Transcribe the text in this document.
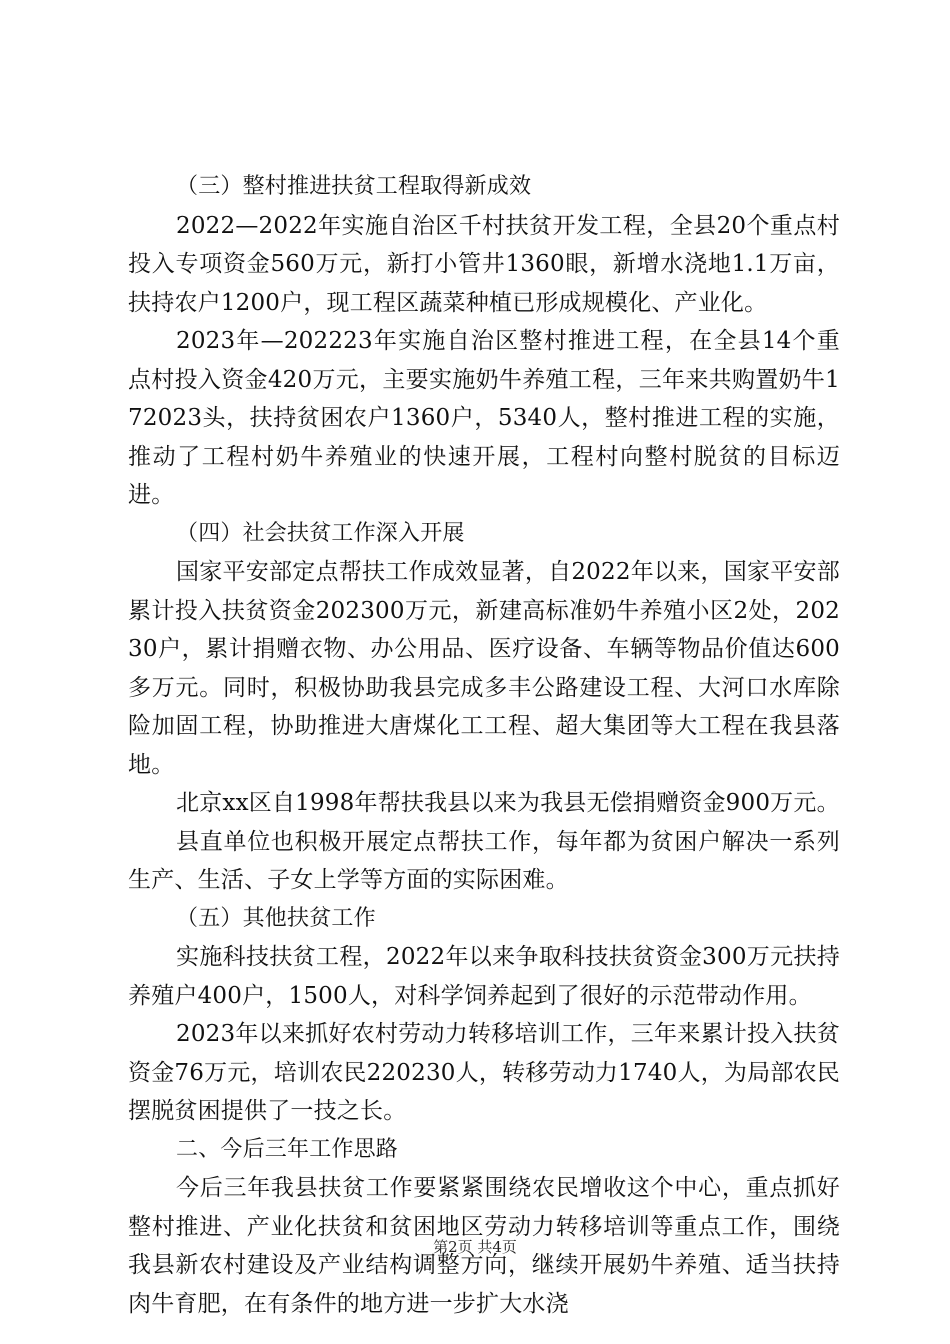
（三）整村推进扶贫工程取得新成效

2022—2022年实施自治区千村扶贫开发工程，全县20个重点村投入专项资金560万元，新打小管井1360眼，新增水浇地1.1万亩，扶持农户1200户，现工程区蔬菜种植已形成规模化、产业化。

2023年—202223年实施自治区整村推进工程，在全县14个重点村投入资金420万元，主要实施奶牛养殖工程，三年来共购置奶牛172023头，扶持贫困农户1360户，5340人，整村推进工程的实施，推动了工程村奶牛养殖业的快速开展，工程村向整村脱贫的目标迈进。

（四）社会扶贫工作深入开展

国家平安部定点帮扶工作成效显著，自2022年以来，国家平安部累计投入扶贫资金202300万元，新建高标准奶牛养殖小区2处，20230户，累计捐赠衣物、办公用品、医疗设备、车辆等物品价值达600多万元。同时，积极协助我县完成多丰公路建设工程、大河口水库除险加固工程，协助推进大唐煤化工工程、超大集团等大工程在我县落地。

北京xx区自1998年帮扶我县以来为我县无偿捐赠资金900万元。

县直单位也积极开展定点帮扶工作，每年都为贫困户解决一系列生产、生活、子女上学等方面的实际困难。

（五）其他扶贫工作

实施科技扶贫工程，2022年以来争取科技扶贫资金300万元扶持养殖户400户，1500人，对科学饲养起到了很好的示范带动作用。

2023年以来抓好农村劳动力转移培训工作，三年来累计投入扶贫资金76万元，培训农民220230人，转移劳动力1740人，为局部农民摆脱贫困提供了一技之长。

二、今后三年工作思路

今后三年我县扶贫工作要紧紧围绕农民增收这个中心，重点抓好整村推进、产业化扶贫和贫困地区劳动力转移培训等重点工作，围绕我县新农村建设及产业结构调整方向，继续开展奶牛养殖、适当扶持肉牛育肥，在有条件的地方进一步扩大水浇

第2页 共4页
